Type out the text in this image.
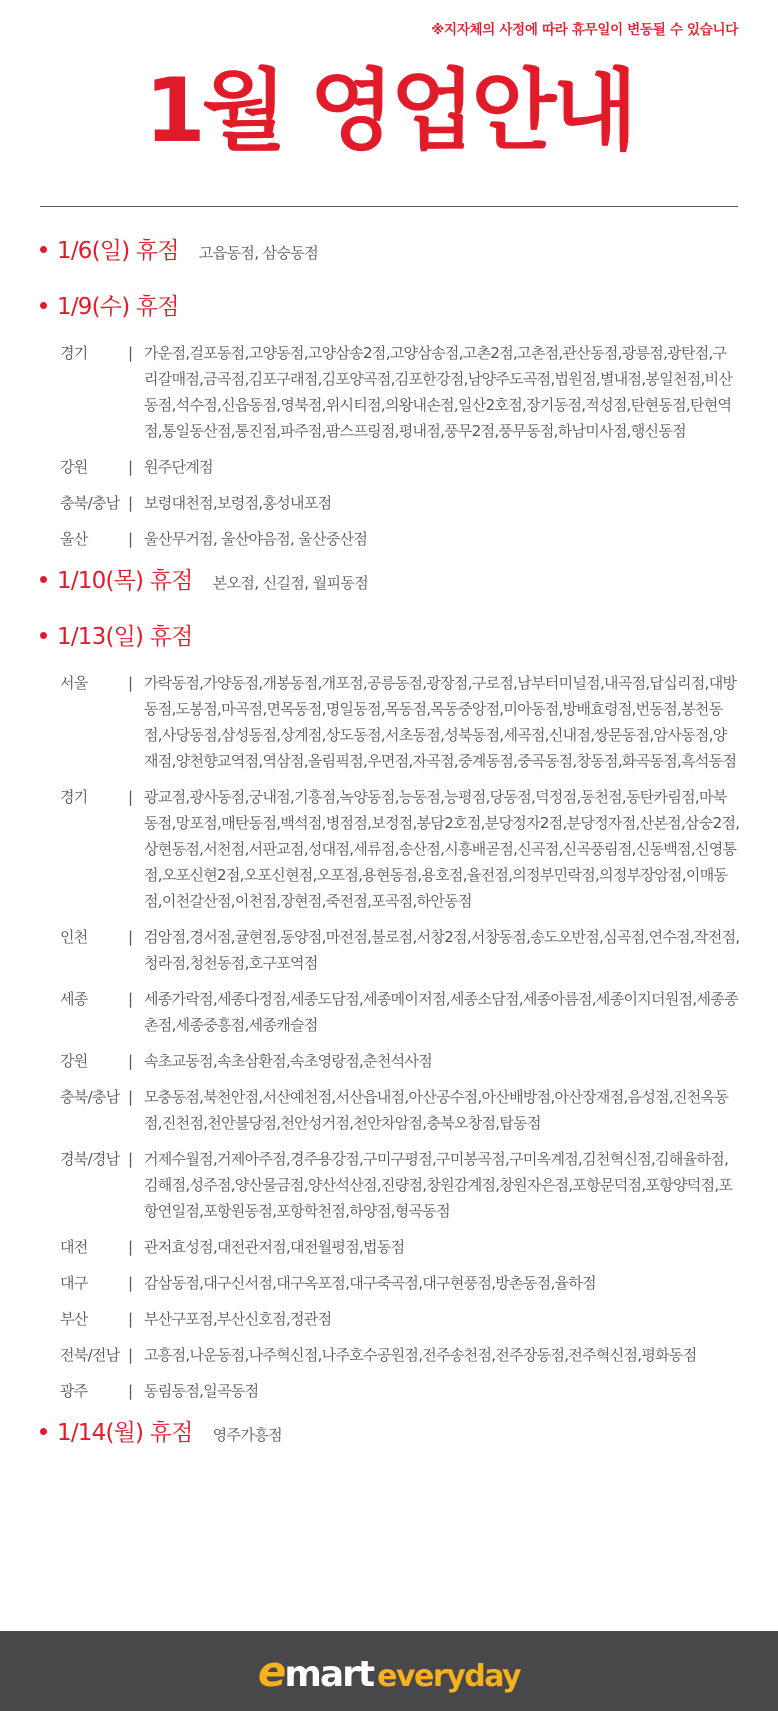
※지자체의 사정에 따라 휴무일이 변동될 수 있습니다
1월 영업안내
1/6(일) 휴점 고읍동점, 삼숭동점
1/9(수) 휴점
경기	| 가운점,걸포동점,고양동점,고양삼송2점,고양삼송점,고촌2점,고촌점,관산동점,광릉점,광탄점,구리갈매점,금곡점,김포구래점,김포양곡점,김포한강점,남양주도곡점,법원점,별내점,봉일천점,비산동점,석수점,신읍동점,영북점,위시티점,의왕내손점,일산2호점,장기동점,적성점,탄현동점,탄현역점,통일동산점,통진점,파주점,팜스프링점,평내점,풍무2점,풍무동점,하남미사점,행신동점
강원	| 원주단계점
충북/충남 | 보령대천점,보령점,홍성내포점
울산	| 울산무거점, 울산야음점, 울산중산점
1/10(목) 휴점 본오점, 신길점, 월피동점
1/13(일) 휴점
서울	| 가락동점,가양동점,개봉동점,개포점,공릉동점,광장점,구로점,남부터미널점,내곡점,답십리점,대방동점,도봉점,마곡점,면목동점,명일동점,목동점,목동중앙점,미아동점,방배효령점,번동점,봉천동점,사당동점,삼성동점,상계점,상도동점,서초동점,성북동점,세곡점,신내점,쌍문동점,암사동점,양재점,양천향교역점,역삼점,올림픽점,우면점,자곡점,중계동점,중곡동점,창동점,화곡동점,흑석동점
경기	| 광교점,광사동점,궁내점,기흥점,녹양동점,능동점,능평점,당동점,덕정점,동천점,동탄카림점,마북동점,망포점,매탄동점,백석점,병점점,보정점,봉담2호점,분당정자2점,분당정자점,산본점,삼숭2점,상현동점,서천점,서판교점,성대점,세류점,송산점,시흥배곧점,신곡점,신곡풍림점,신동백점,신영통점,오포신현2점,오포신현점,오포점,용현동점,용호점,율전점,의정부민락점,의정부장암점,이매동점,이천갈산점,이천점,장현점,죽전점,포곡점,하안동점
인천	| 검암점,경서점,귤현점,동양점,마전점,불로점,서창2점,서창동점,송도오반점,심곡점,연수점,작전점,청라점,청천동점,호구포역점
세종	| 세종가락점,세종다정점,세종도담점,세종메이저점,세종소담점,세종아름점,세종이지더원점,세종종촌점,세종중흥점,세종캐슬점
강원	| 속초교동점,속초삼환점,속초영랑점,춘천석사점
충북/충남 | 모충동점,북천안점,서산예천점,서산읍내점,아산공수점,아산배방점,아산장재점,음성점,진천옥동점,진천점,천안불당점,천안성거점,천안차암점,충북오창점,탑동점
경북/경남 | 거제수월점,거제아주점,경주용강점,구미구평점,구미봉곡점,구미옥계점,김천혁신점,김해율하점,김해점,성주점,양산물금점,양산석산점,진량점,창원감계점,창원자은점,포항문덕점,포항양덕점,포항연일점,포항원동점,포항학천점,하양점,형곡동점
대전	| 관저효성점,대전관저점,대전월평점,법동점
대구	| 감삼동점,대구신서점,대구옥포점,대구죽곡점,대구현풍점,방촌동점,율하점
부산	| 부산구포점,부산신호점,정관점
전북/전남 | 고흥점,나운동점,나주혁신점,나주호수공원점,전주송천점,전주장동점,전주혁신점,평화동점
광주	| 동림동점,일곡동점
1/14(월) 휴점 영주가흥점
e mart everyday
